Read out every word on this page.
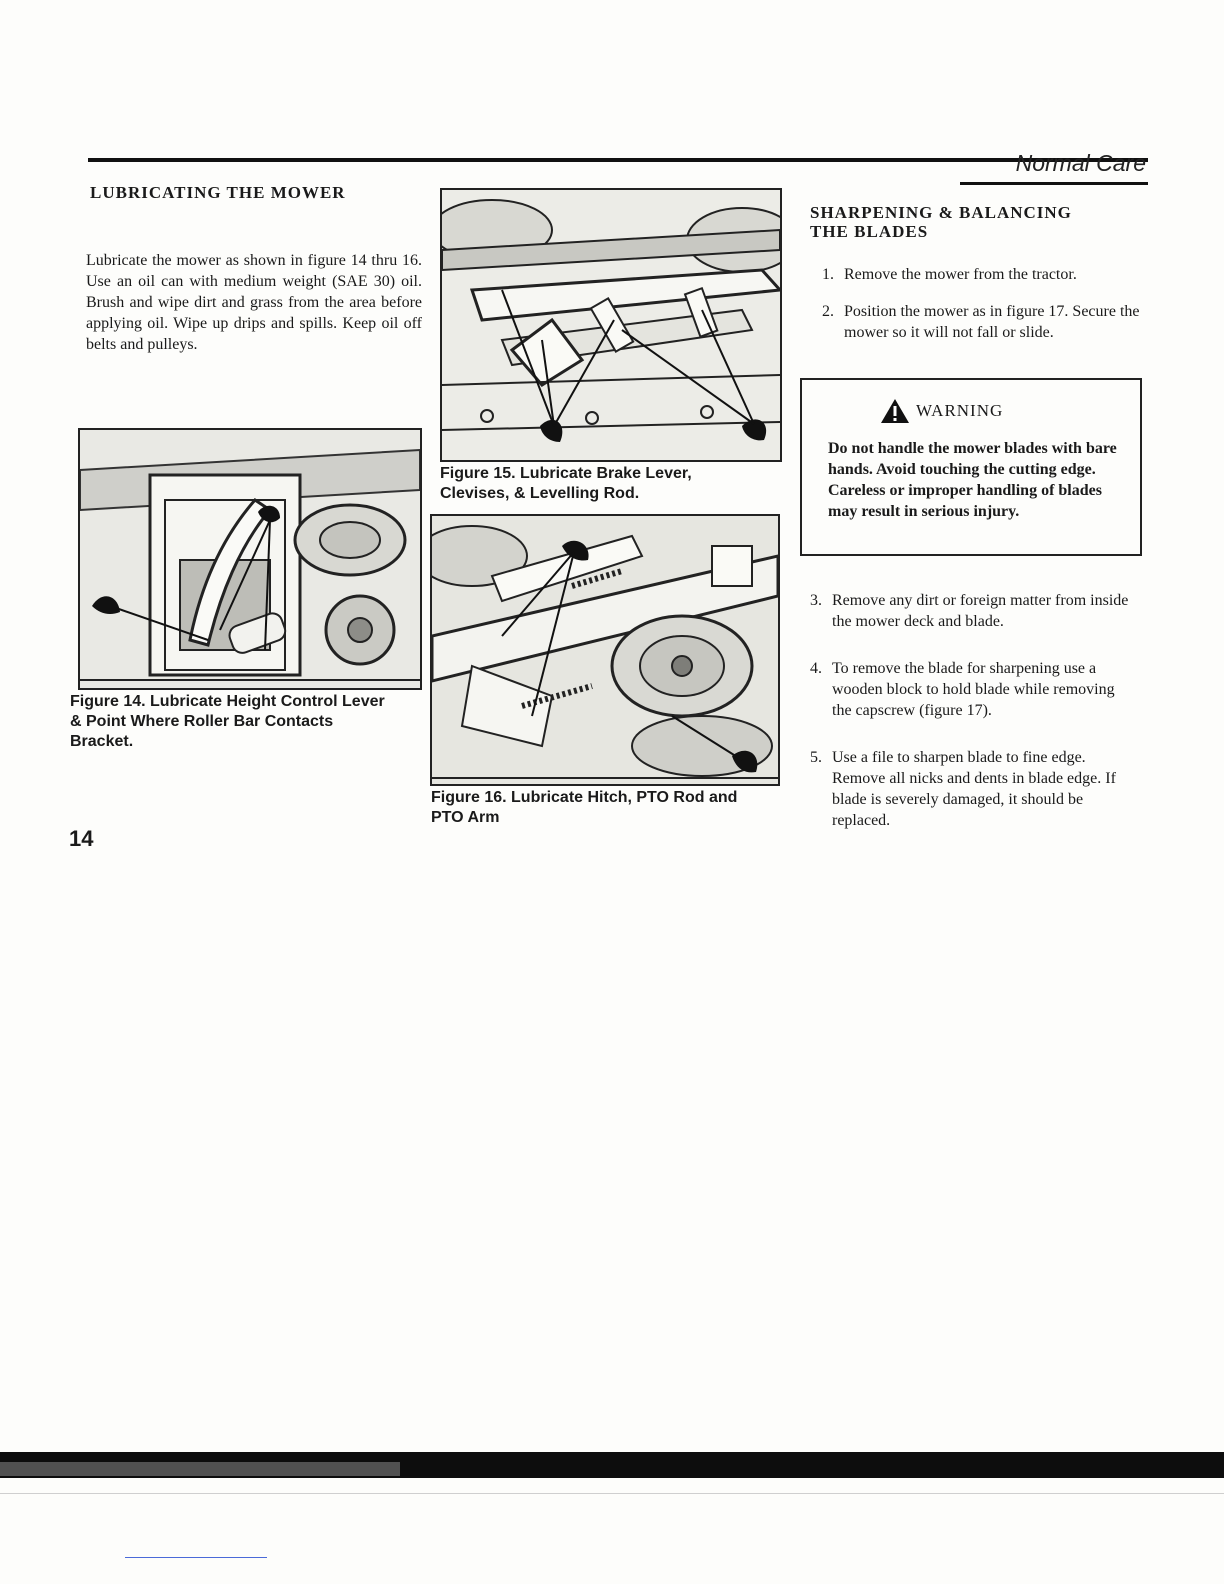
Normal Care
LUBRICATING THE MOWER
Lubricate the mower as shown in figure 14 thru 16. Use an oil can with medium weight (SAE 30) oil. Brush and wipe dirt and grass from the area before applying oil. Wipe up drips and spills. Keep oil off belts and pulleys.
Figure 14. Lubricate Height Control Lever & Point Where Roller Bar Contacts Bracket.
14
Figure 15. Lubricate Brake Lever, Clevises, & Levelling Rod.
Figure 16. Lubricate Hitch, PTO Rod and PTO Arm
SHARPENING & BALANCING
THE BLADES
1. Remove the mower from the tractor.
2. Position the mower as in figure 17. Secure the mower so it will not fall or slide.
WARNING
Do not handle the mower blades with bare hands. Avoid touching the cutting edge. Careless or improper handling of blades may result in serious injury.
3. Remove any dirt or foreign matter from inside the mower deck and blade.
4. To remove the blade for sharpening use a wooden block to hold blade while removing the capscrew (figure 17).
5. Use a file to sharpen blade to fine edge. Remove all nicks and dents in blade edge. If blade is severely damaged, it should be replaced.
